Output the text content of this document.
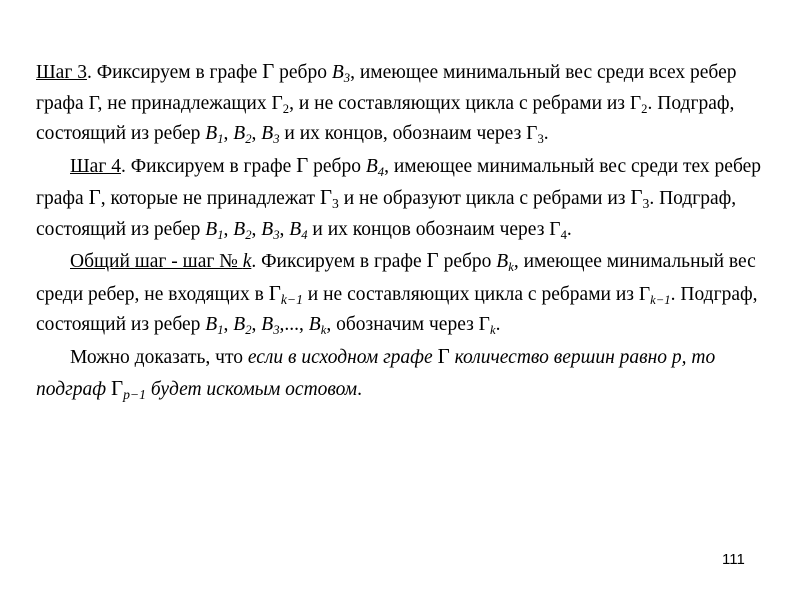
Шаг 3. Фиксируем в графе Γ ребро $B_3$, имеющее минимальный вес среди всех ребер графа Γ, не принадлежащих $\Gamma_2$, и не составляющих цикла с ребрами из $\Gamma_2$. Подграф, состоящий из ребер $B_1$, $B_2$, $B_3$ и их концов, обознаим через $\Gamma_3$.

Шаг 4. Фиксируем в графе Γ ребро $B_4$, имеющее минимальный вес среди тех ребер графа Γ, которые не принадлежат $\Gamma_3$ и не образуют цикла с ребрами из $\Gamma_3$. Подграф, состоящий из ребер $B_1$, $B_2$, $B_3$, $B_4$ и их концов обознаим через $\Gamma_4$.

Общий шаг - шаг № k. Фиксируем в графе Γ ребро $B_k$, имеющее минимальный вес среди ребер, не входящих в $\Gamma_{k-1}$ и не составляющих цикла с ребрами из $\Gamma_{k-1}$. Подграф, состоящий из ребер $B_1$, $B_2$, $B_3$,..., $B_k$, обозначим через $\Gamma_k$.

Можно доказать, что если в исходном графе Γ количество вершин равно p, то подграф $\Gamma_{p-1}$ будет искомым остовом.

111
